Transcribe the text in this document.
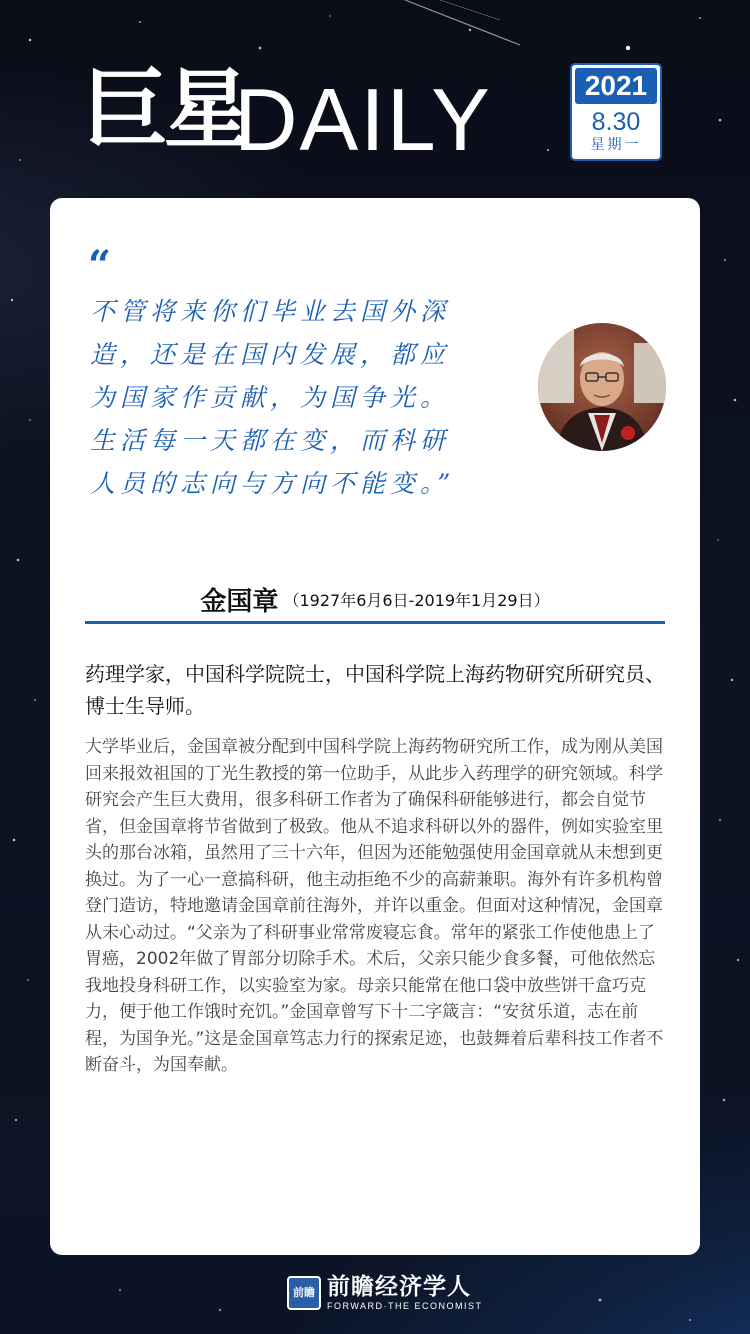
巨星
DAILY	2021
8.30
星期一
“
不管将来你们毕业去国外深造，还是在国内发展，都应为国家作贡献，为国争光。生活每一天都在变，而科研人员的志向与方向不能变。”
金国章 （1927年6月6日-2019年1月29日）
药理学家，中国科学院院士，中国科学院上海药物研究所研究员、博士生导师。
大学毕业后，金国章被分配到中国科学院上海药物研究所工作，成为刚从美国回来报效祖国的丁光生教授的第一位助手，从此步入药理学的研究领域。科学研究会产生巨大费用，很多科研工作者为了确保科研能够进行，都会自觉节省，但金国章将节省做到了极致。他从不追求科研以外的器件，例如实验室里头的那台冰箱，虽然用了三十六年，但因为还能勉强使用金国章就从未想到更换过。为了一心一意搞科研，他主动拒绝不少的高薪兼职。海外有许多机构曾登门造访，特地邀请金国章前往海外，并许以重金。但面对这种情况，金国章从未心动过。“父亲为了科研事业常常废寝忘食。常年的紧张工作使他患上了胃癌，2002年做了胃部分切除手术。术后，父亲只能少食多餐，可他依然忘我地投身科研工作，以实验室为家。母亲只能常在他口袋中放些饼干盒巧克力，便于他工作饿时充饥。”金国章曾写下十二字箴言：“安贫乐道，志在前程，为国争光。”这是金国章笃志力行的探索足迹，也鼓舞着后辈科技工作者不断奋斗，为国奉献。
前瞻 前瞻经济学人
FORWARD·THE ECONOMIST
